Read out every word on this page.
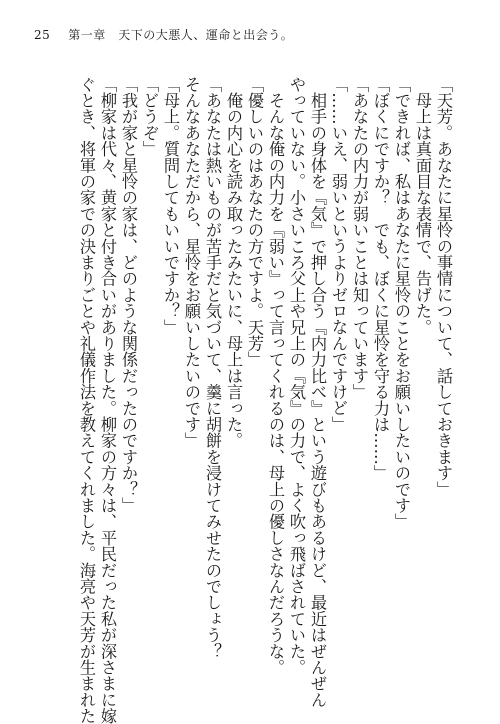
25 第一章　天下の大悪人、運命と出会う。
「天芳。あなたに星怜の事情について、話しておきます」
　母上は真面目な表情で、告げた。
「できれば、私はあなたに星怜のことをお願いしたいのです」
「ぼくにですか？　でも、ぼくに星怜を守る力は……」
「あなたの内力が弱いことは知っています」
「……いえ、弱いというよりゼロなんですけど」
　相手の身体を『気』で押し合う『内力比べ』という遊びもあるけど、最近はぜんぜん
やっていない。小さいころ父上や兄上の『気』の力で、よく吹っ飛ばされていた。
　そんな俺の内力を『弱い』って言ってくれるのは、母上の優しさなんだろうな。
「優しいのはあなたの方ですよ。天芳」
　俺の内心を読み取ったみたいに、母上は言った。
「あなたは熱いものが苦手だと気づいて、羹に胡餅を浸けてみせたのでしょう？
そんなあなただから、星怜をお願いしたいのです」
「母上。質問してもいいですか？」
「どうぞ」
「我が家と星怜の家は、どのような関係だったのですか？」
「柳家は代々、黄家と付き合いがありました。柳家の方々は、平民だった私が深さまに嫁
ぐとき、将軍の家での決まりごとや礼儀作法を教えてくれました。海亮や天芳が生まれた
